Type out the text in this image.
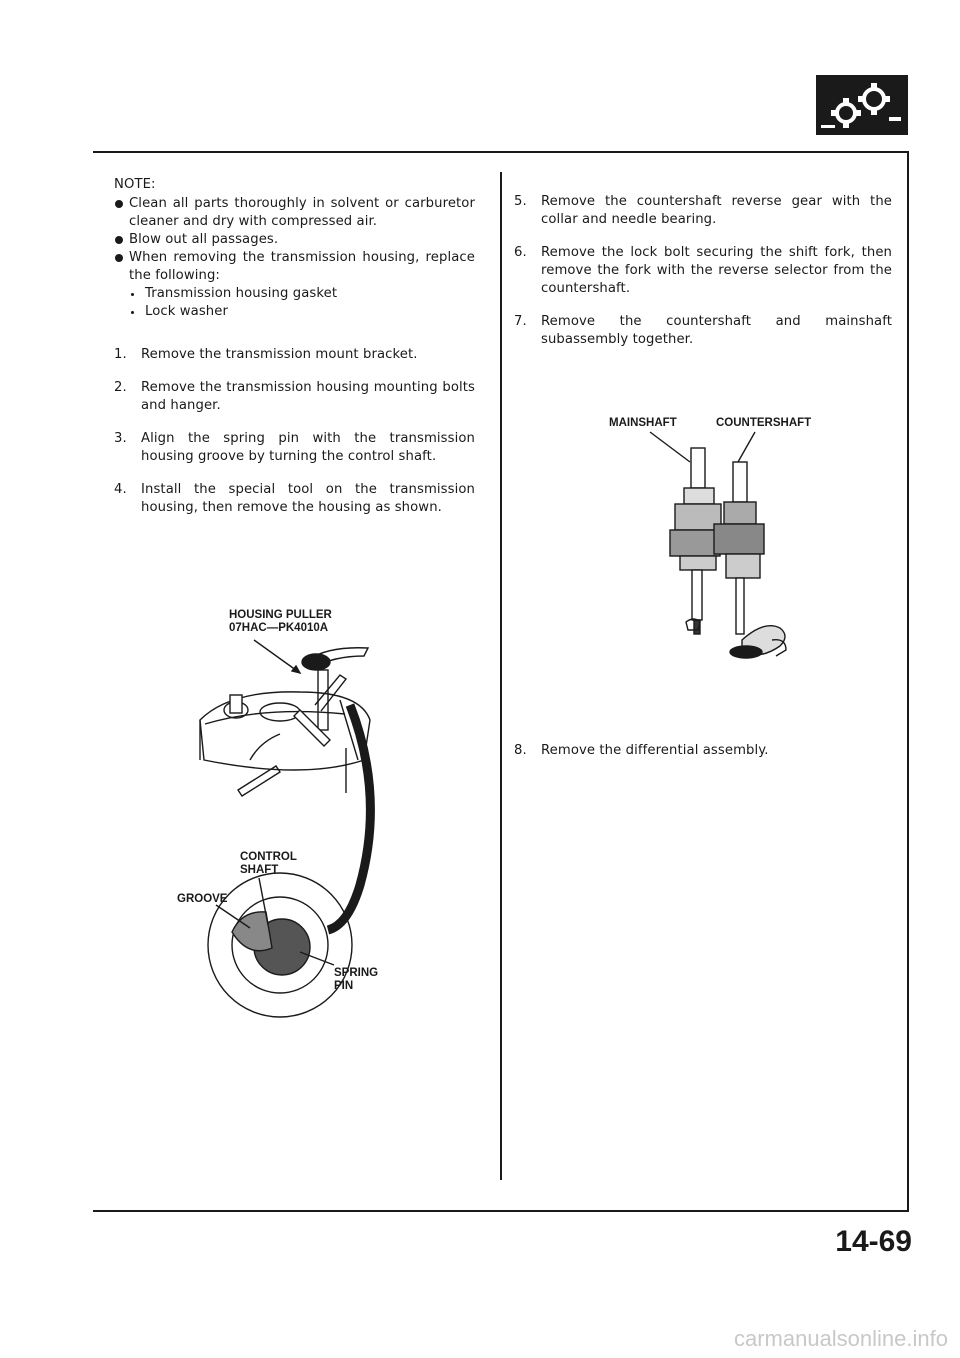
NOTE:

Clean all parts thoroughly in solvent or carburetor cleaner and dry with compressed air.

Blow out all passages.

When removing the transmission housing, replace the following:

Transmission housing gasket

Lock washer

1. Remove the transmission mount bracket.
2. Remove the transmission housing mounting bolts and hanger.
3. Align the spring pin with the transmission housing groove by turning the control shaft.
4. Install the special tool on the transmission housing, then remove the housing as shown.
5. Remove the countershaft reverse gear with the collar and needle bearing.
6. Remove the lock bolt securing the shift fork, then remove the fork with the reverse selector from the countershaft.
7. Remove the countershaft and mainshaft subassembly together.
8. Remove the differential assembly.
HOUSING PULLER
07HAC—PK4010A
CONTROL
SHAFT
GROOVE
SPRING
PIN
MAINSHAFT	COUNTERSHAFT
14-69
carmanualsonline.info
